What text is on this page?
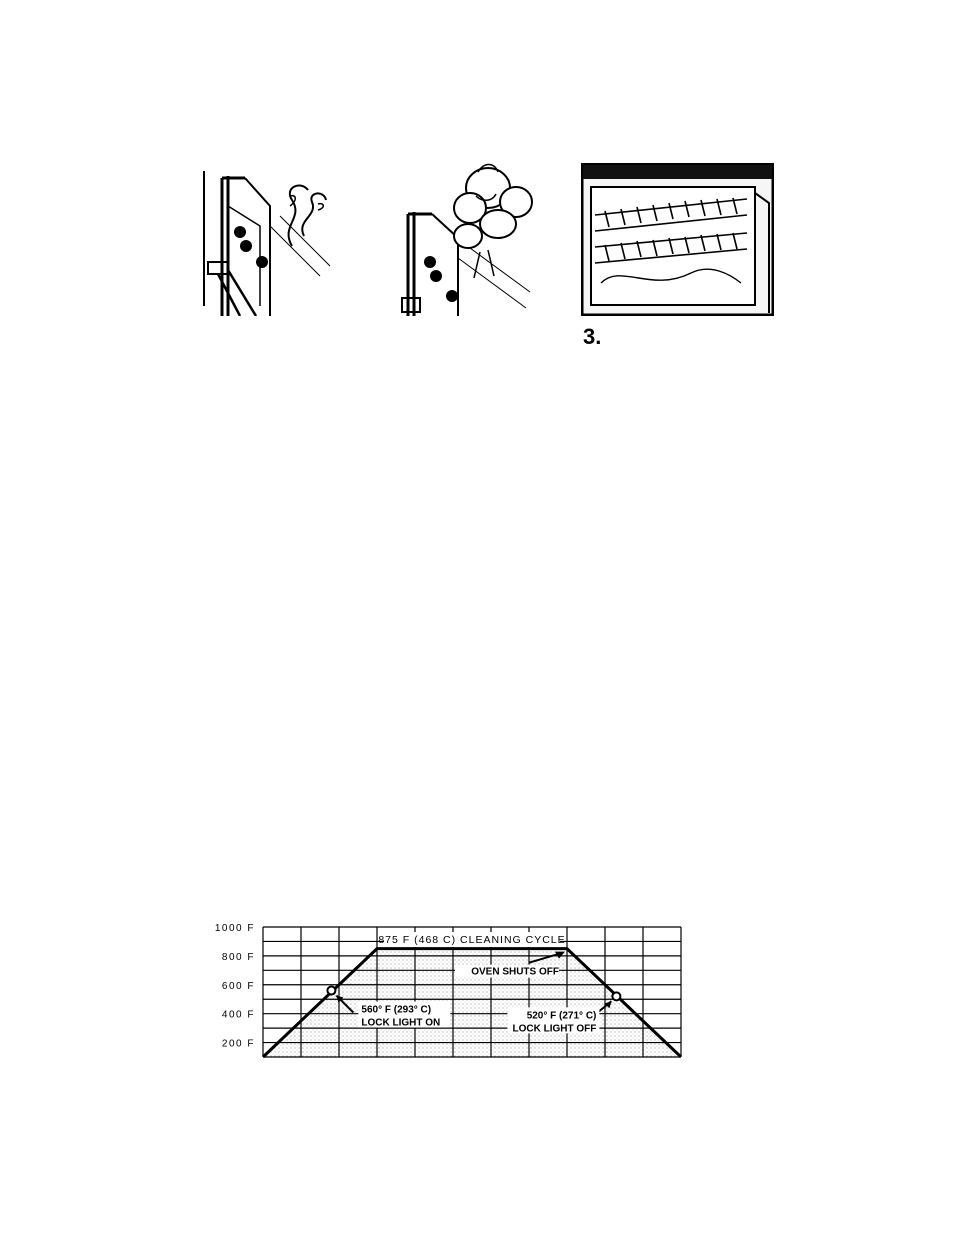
3.
200 F
400 F
600 F
800 F
1000 F
875 F (468 C) CLEANING CYCLE
560° F (293° C)
LOCK LIGHT ON
520° F (271° C)
LOCK LIGHT OFF
OVEN SHUTS OFF
